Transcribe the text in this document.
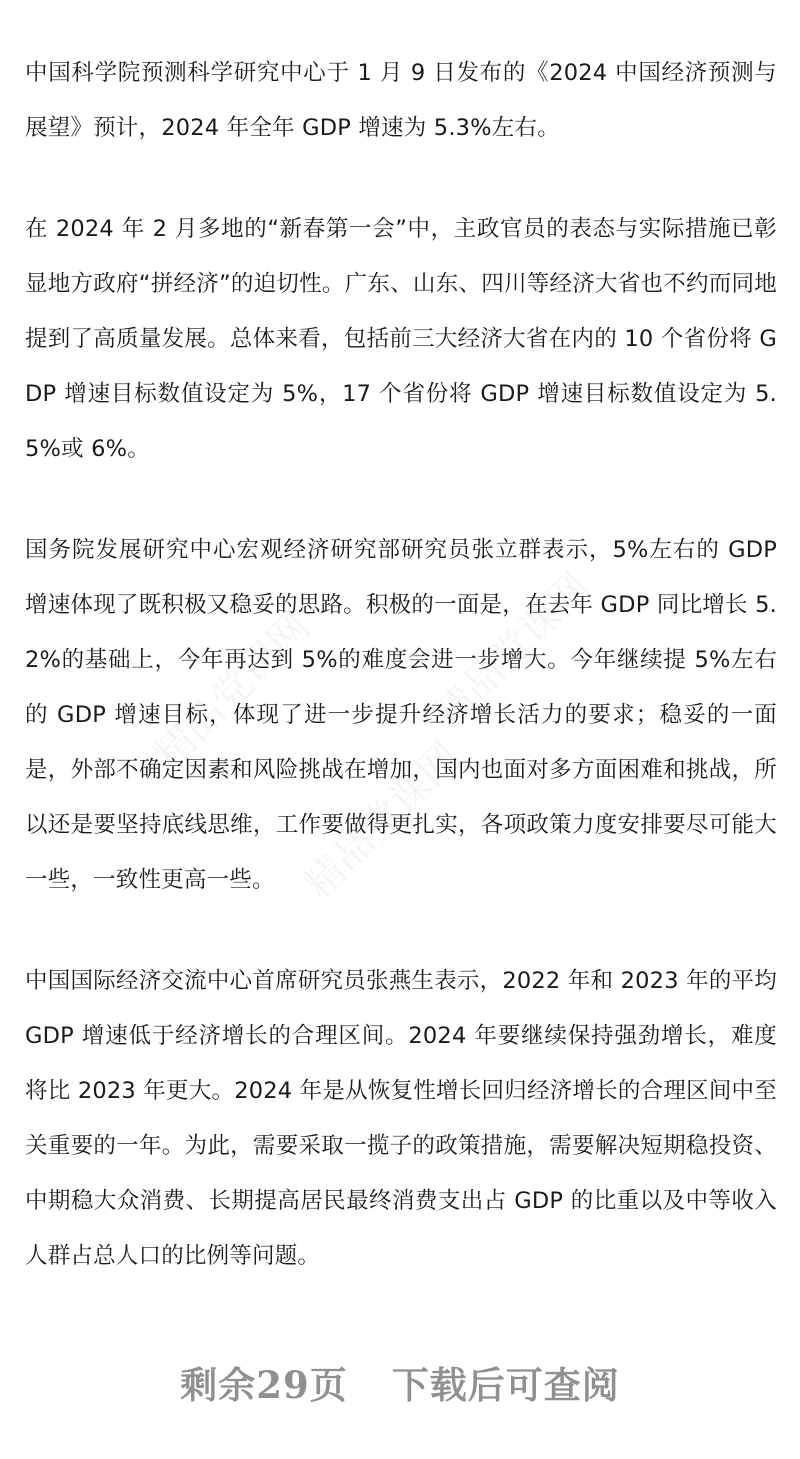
中国科学院预测科学研究中心于 1 月 9 日发布的《2024 中国经济预测与展望》预计，2024 年全年 GDP 增速为 5.3%左右。

在 2024 年 2 月多地的“新春第一会”中，主政官员的表态与实际措施已彰显地方政府“拼经济”的迫切性。广东、山东、四川等经济大省也不约而同地提到了高质量发展。总体来看，包括前三大经济大省在内的 10 个省份将 GDP 增速目标数值设定为 5%，17 个省份将 GDP 增速目标数值设定为 5.5%或 6%。

国务院发展研究中心宏观经济研究部研究员张立群表示，5%左右的 GDP 增速体现了既积极又稳妥的思路。积极的一面是，在去年 GDP 同比增长 5.2%的基础上，今年再达到 5%的难度会进一步增大。今年继续提 5%左右的 GDP 增速目标，体现了进一步提升经济增长活力的要求；稳妥的一面是，外部不确定因素和风险挑战在增加，国内也面对多方面困难和挑战，所以还是要坚持底线思维，工作要做得更扎实，各项政策力度安排要尽可能大一些，一致性更高一些。

中国国际经济交流中心首席研究员张燕生表示，2022 年和 2023 年的平均 GDP 增速低于经济增长的合理区间。2024 年要继续保持强劲增长，难度将比 2023 年更大。2024 年是从恢复性增长回归经济增长的合理区间中至关重要的一年。为此，需要采取一揽子的政策措施，需要解决短期稳投资、中期稳大众消费、长期提高居民最终消费支出占 GDP 的比重以及中等收入人群占总人口的比例等问题。

剩余29页 下载后可查阅
